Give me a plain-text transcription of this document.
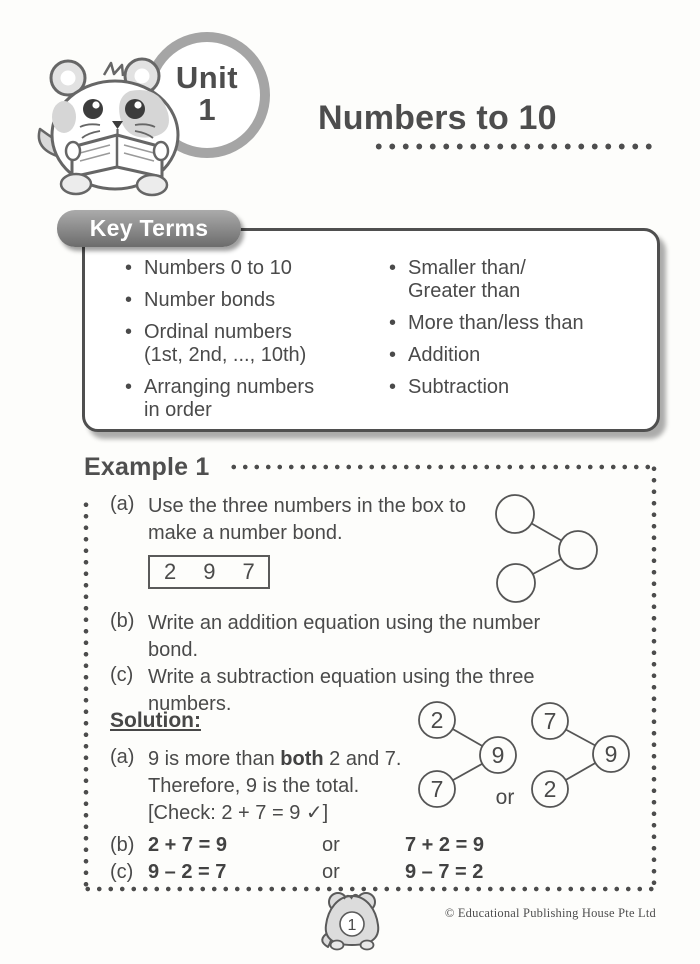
Unit
1	Numbers to 10
Key Terms
• Numbers 0 to 10
• Number bonds
• Ordinal numbers
(1st, 2nd, ..., 10th)
• Arranging numbers
in order
• Smaller than/
Greater than
• More than/less than
• Addition
• Subtraction
Example 1
(a) Use the three numbers in the box to
make a number bond.
2 9 7
(b) Write an addition equation using the number
bond.
(c) Write a subtraction equation using the three
numbers.
Solution:
(a) 9 is more than both 2 and 7.
Therefore, 9 is the total.
[Check: 2 + 7 = 9 ✓]
2
9
7 or
7
9
2
(b) 2 + 7 = 9	or	7 + 2 = 9
(c) 9 – 2 = 7	or	9 – 7 = 2
1
© Educational Publishing House Pte Ltd
